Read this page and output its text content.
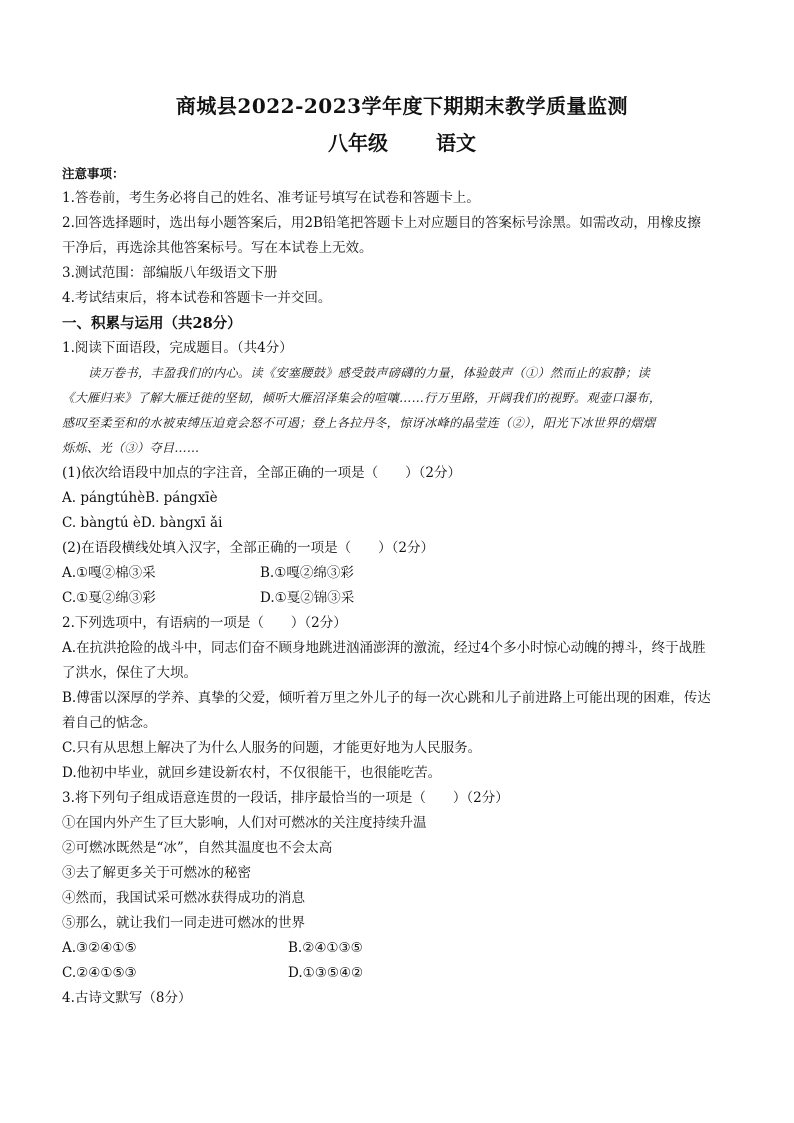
商城县2022-2023学年度下期期末教学质量监测
八年级 语文

注意事项：

1.答卷前，考生务必将自己的姓名、准考证号填写在试卷和答题卡上。

2.回答选择题时，选出每小题答案后，用2B铅笔把答题卡上对应题目的答案标号涂黑。如需改动，用橡皮擦

干净后，再选涂其他答案标号。写在本试卷上无效。

3.测试范围：部编版八年级语文下册

4.考试结束后，将本试卷和答题卡一并交回。

一、积累与运用（共28分）

1.阅读下面语段，完成题目。（共4分）

读万卷书，丰盈我们的内心。读《安塞腰鼓》感受鼓声磅礴的力量，体验鼓声（①）然而止的寂静；读

《大雁归来》了解大雁迁徙的坚韧，倾听大雁沼泽集会的喧嚷……行万里路，开阔我们的视野。观壶口瀑布，

感叹至柔至和的水被束缚压迫竟会怒不可遏；登上各拉丹冬，惊讶冰峰的晶莹连（②），阳光下冰世界的熠熠

烁烁、光（③）夺目……

(1)依次给语段中加点的字注音，全部正确的一项是（　　）（2分）

A. pángtúhèB. pángxīè

C. bàngtú èD. bàngxī ǎi

(2)在语段横线处填入汉字，全部正确的一项是（　　）（2分）

A.①嘎②棉③采	B.①嘎②绵③彩
C.①戛②绵③彩	D.①戛②锦③采

2.下列选项中，有语病的一项是（　　）（2分）

A.在抗洪抢险的战斗中，同志们奋不顾身地跳进汹涌澎湃的激流，经过4个多小时惊心动魄的搏斗，终于战胜

了洪水，保住了大坝。

B.傅雷以深厚的学养、真挚的父爱，倾听着万里之外儿子的每一次心跳和儿子前进路上可能出现的困难，传达

着自己的惦念。

C.只有从思想上解决了为什么人服务的问题，才能更好地为人民服务。

D.他初中毕业，就回乡建设新农村，不仅很能干，也很能吃苦。

3.将下列句子组成语意连贯的一段话，排序最恰当的一项是（　　）（2分）

①在国内外产生了巨大影响，人们对可燃冰的关注度持续升温

②可燃冰既然是“冰”，自然其温度也不会太高

③去了解更多关于可燃冰的秘密

④然而，我国试采可燃冰获得成功的消息

⑤那么，就让我们一同走进可燃冰的世界

A.③②④①⑤	B.②④①③⑤
C.②④①⑤③	D.①③⑤④②

4.古诗文默写（8分）
